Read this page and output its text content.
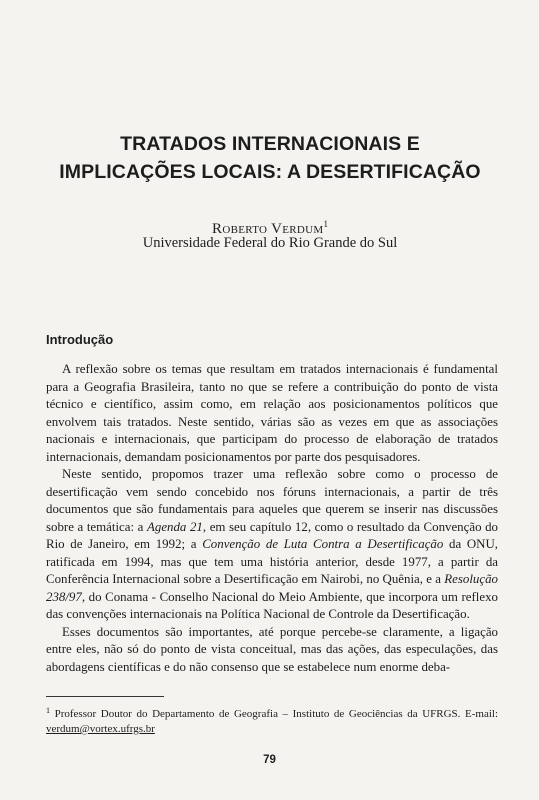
TRATADOS INTERNACIONAIS E
IMPLICAÇÕES LOCAIS: A DESERTIFICAÇÃO
Roberto Verdum$^1$
Universidade Federal do Rio Grande do Sul
Introdução

A reflexão sobre os temas que resultam em tratados internacionais é fundamental para a Geografia Brasileira, tanto no que se refere a contribuição do ponto de vista técnico e científico, assim como, em relação aos posicionamentos políticos que envolvem tais tratados. Neste sentido, várias são as vezes em que as associações nacionais e internacionais, que participam do processo de elaboração de tratados internacionais, demandam posicionamentos por parte dos pesquisadores.

Neste sentido, propomos trazer uma reflexão sobre como o processo de desertificação vem sendo concebido nos fóruns internacionais, a partir de três documentos que são fundamentais para aqueles que querem se inserir nas discussões sobre a temática: a Agenda 21, em seu capítulo 12, como o resultado da Convenção do Rio de Janeiro, em 1992; a Convenção de Luta Contra a Desertificação da ONU, ratificada em 1994, mas que tem uma história anterior, desde 1977, a partir da Conferência Internacional sobre a Desertificação em Nairobi, no Quênia, e a Resolução 238/97, do Conama - Conselho Nacional do Meio Ambiente, que incorpora um reflexo das convenções internacionais na Política Nacional de Controle da Desertificação.

Esses documentos são importantes, até porque percebe-se claramente, a ligação entre eles, não só do ponto de vista conceitual, mas das ações, das especulações, das abordagens científicas e do não consenso que se estabelece num enorme deba-

$^1$ Professor Doutor do Departamento de Geografia – Instituto de Geociências da UFRGS. E-mail: verdum@vortex.ufrgs.br
79
